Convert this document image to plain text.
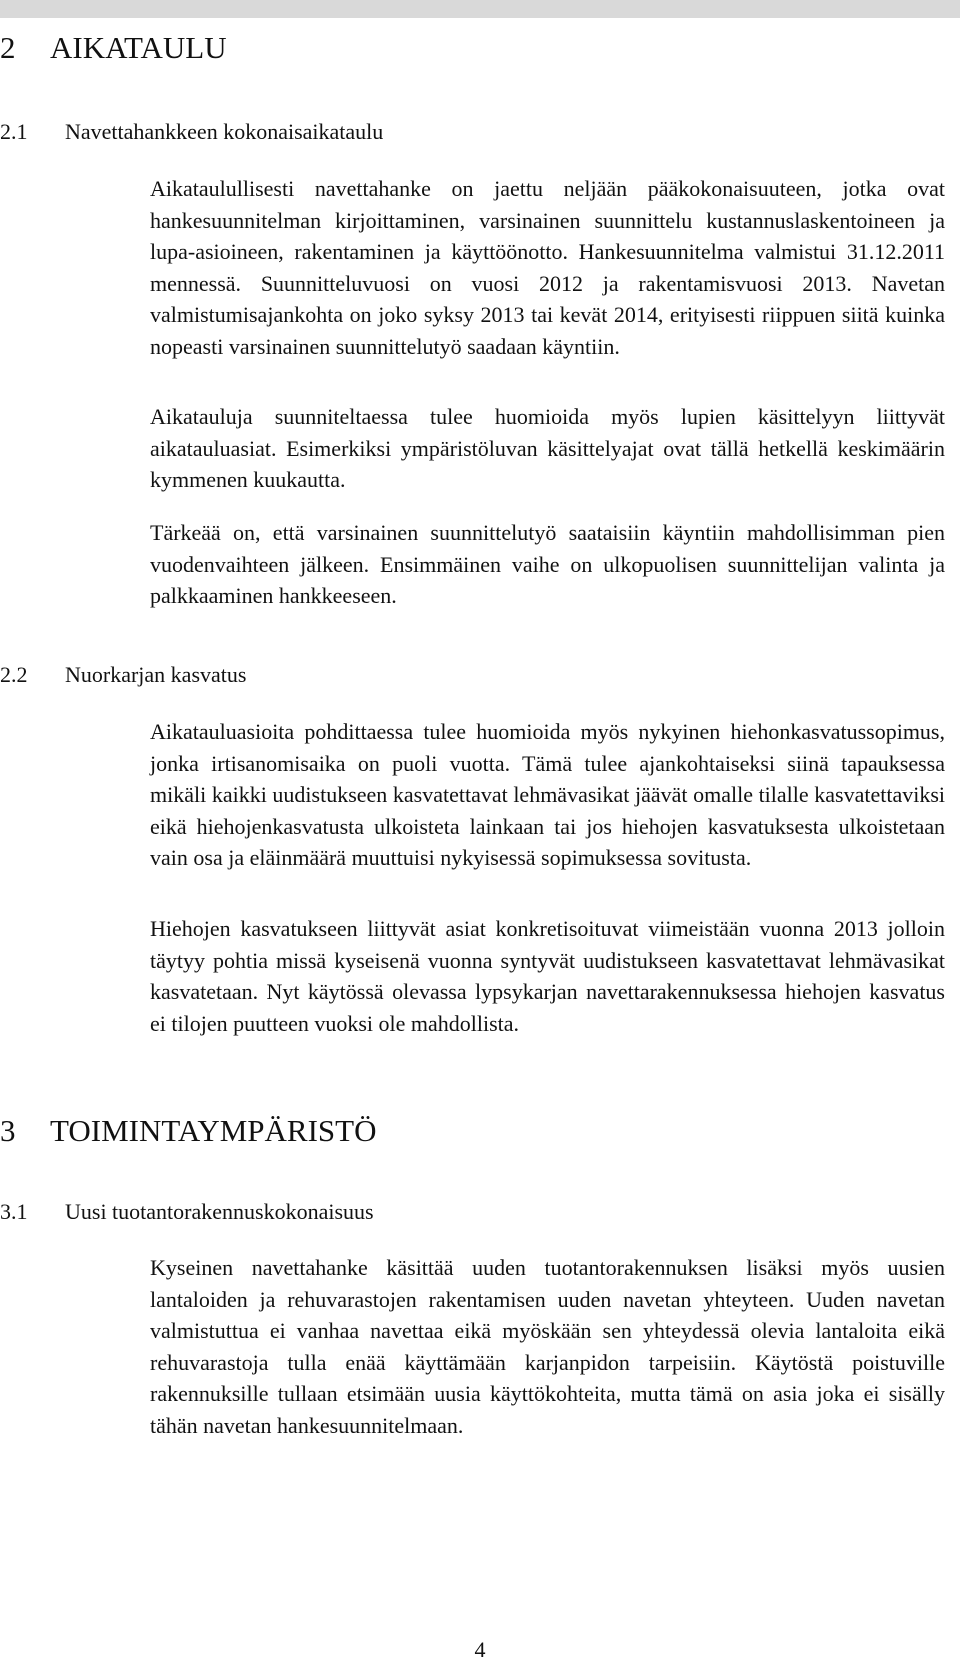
2 AIKATAULU
2.1 Navettahankkeen kokonaisaikataulu

Aikataulullisesti navettahanke on jaettu neljään pääkokonaisuuteen, jotka ovat hankesuunnitelman kirjoittaminen, varsinainen suunnittelu kustannuslaskentoineen ja lupa-asioineen, rakentaminen ja käyttöönotto. Hankesuunnitelma valmistui 31.12.2011 mennessä. Suunnitteluvuosi on vuosi 2012 ja rakentamisvuosi 2013. Navetan valmistumisajankohta on joko syksy 2013 tai kevät 2014, erityisesti riippuen siitä kuinka nopeasti varsinainen suunnittelutyö saadaan käyntiin.

Aikatauluja suunniteltaessa tulee huomioida myös lupien käsittelyyn liittyvät aikatauluasiat. Esimerkiksi ympäristöluvan käsittelyajat ovat tällä hetkellä keskimäärin kymmenen kuukautta.

Tärkeää on, että varsinainen suunnittelutyö saataisiin käyntiin mahdollisimman pien vuodenvaihteen jälkeen. Ensimmäinen vaihe on ulkopuolisen suunnittelijan valinta ja palkkaaminen hankkeeseen.

2.2 Nuorkarjan kasvatus

Aikatauluasioita pohdittaessa tulee huomioida myös nykyinen hiehonkasvatussopimus, jonka irtisanomisaika on puoli vuotta. Tämä tulee ajankohtaiseksi siinä tapauksessa mikäli kaikki uudistukseen kasvatettavat lehmävasikat jäävät omalle tilalle kasvatettaviksi eikä hiehojenkasvatusta ulkoisteta lainkaan tai jos hiehojen kasvatuksesta ulkoistetaan vain osa ja eläinmäärä muuttuisi nykyisessä sopimuksessa sovitusta.

Hiehojen kasvatukseen liittyvät asiat konkretisoituvat viimeistään vuonna 2013 jolloin täytyy pohtia missä kyseisenä vuonna syntyvät uudistukseen kasvatettavat lehmävasikat kasvatetaan. Nyt käytössä olevassa lypsykarjan navettarakennuksessa hiehojen kasvatus ei tilojen puutteen vuoksi ole mahdollista.

3 TOIMINTAYMPÄRISTÖ
3.1 Uusi tuotantorakennuskokonaisuus

Kyseinen navettahanke käsittää uuden tuotantorakennuksen lisäksi myös uusien lantaloiden ja rehuvarastojen rakentamisen uuden navetan yhteyteen. Uuden navetan valmistuttua ei vanhaa navettaa eikä myöskään sen yhteydessä olevia lantaloita eikä rehuvarastoja tulla enää käyttämään karjanpidon tarpeisiin. Käytöstä poistuville rakennuksille tullaan etsimään uusia käyttökohteita, mutta tämä on asia joka ei sisälly tähän navetan hankesuunnitelmaan.

4
